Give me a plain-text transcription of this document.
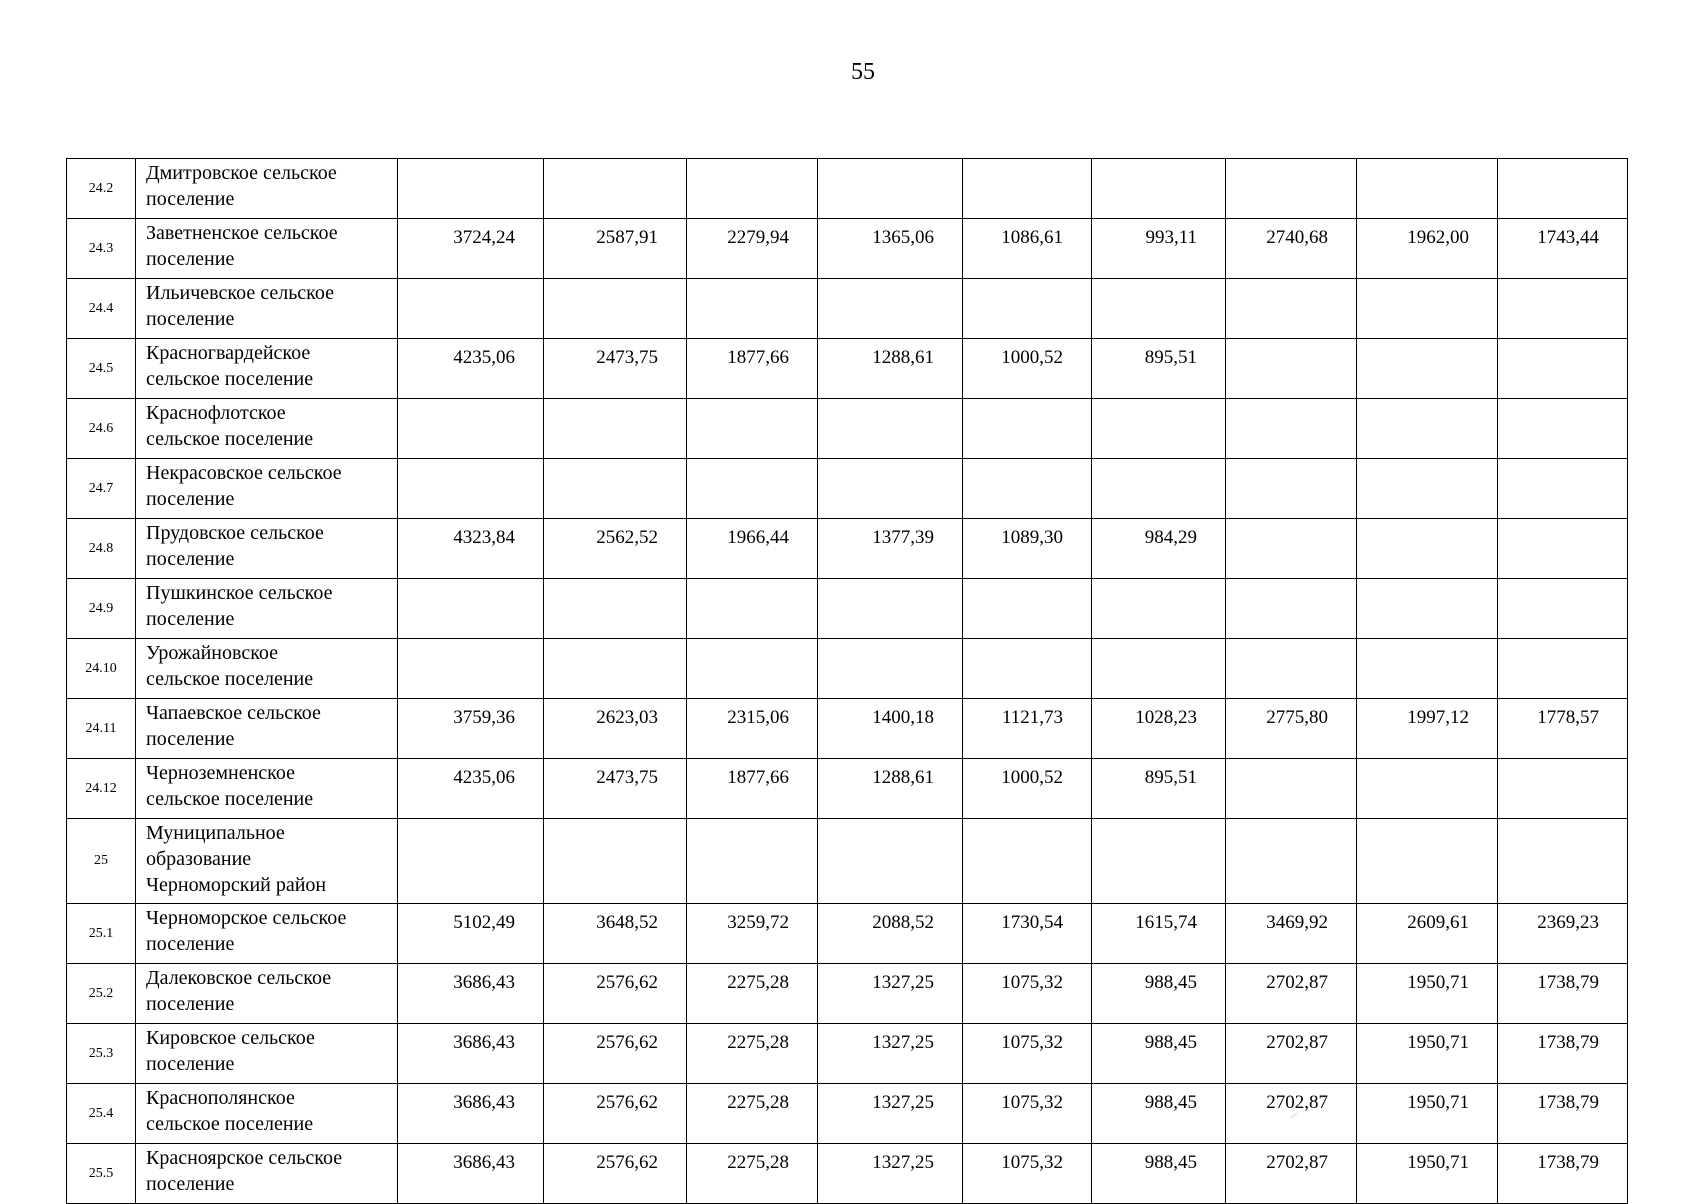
55
24.2	Дмитровское сельское
поселение									

24.3	Заветненское сельское
поселение	3724,24	2587,91	2279,94	1365,06	1086,61	993,11	2740,68	1962,00	1743,44
24.4	Ильичевское сельское
поселение									

24.5	Красногвардейское
сельское поселение	4235,06	2473,75	1877,66	1288,61	1000,52	895,51			
24.6	Краснофлотское
сельское поселение									

24.7	Некрасовское сельское
поселение									

24.8	Прудовское сельское
поселение	4323,84	2562,52	1966,44	1377,39	1089,30	984,29			
24.9	Пушкинское сельское
поселение									

24.10	Урожайновское
сельское поселение									

24.11	Чапаевское сельское
поселение	3759,36	2623,03	2315,06	1400,18	1121,73	1028,23	2775,80	1997,12	1778,57
24.12	Черноземненское
сельское поселение	4235,06	2473,75	1877,66	1288,61	1000,52	895,51			
25	Муниципальное
образование
Черноморский район									

25.1	Черноморское сельское
поселение	5102,49	3648,52	3259,72	2088,52	1730,54	1615,74	3469,92	2609,61	2369,23
25.2	Далековское сельское
поселение	3686,43	2576,62	2275,28	1327,25	1075,32	988,45	2702,87	1950,71	1738,79
25.3	Кировское сельское
поселение	3686,43	2576,62	2275,28	1327,25	1075,32	988,45	2702,87	1950,71	1738,79
25.4	Краснополянское
сельское поселение	3686,43	2576,62	2275,28	1327,25	1075,32	988,45	2702,87	1950,71	1738,79
25.5	Красноярское сельское
поселение	3686,43	2576,62	2275,28	1327,25	1075,32	988,45	2702,87	1950,71	1738,79
